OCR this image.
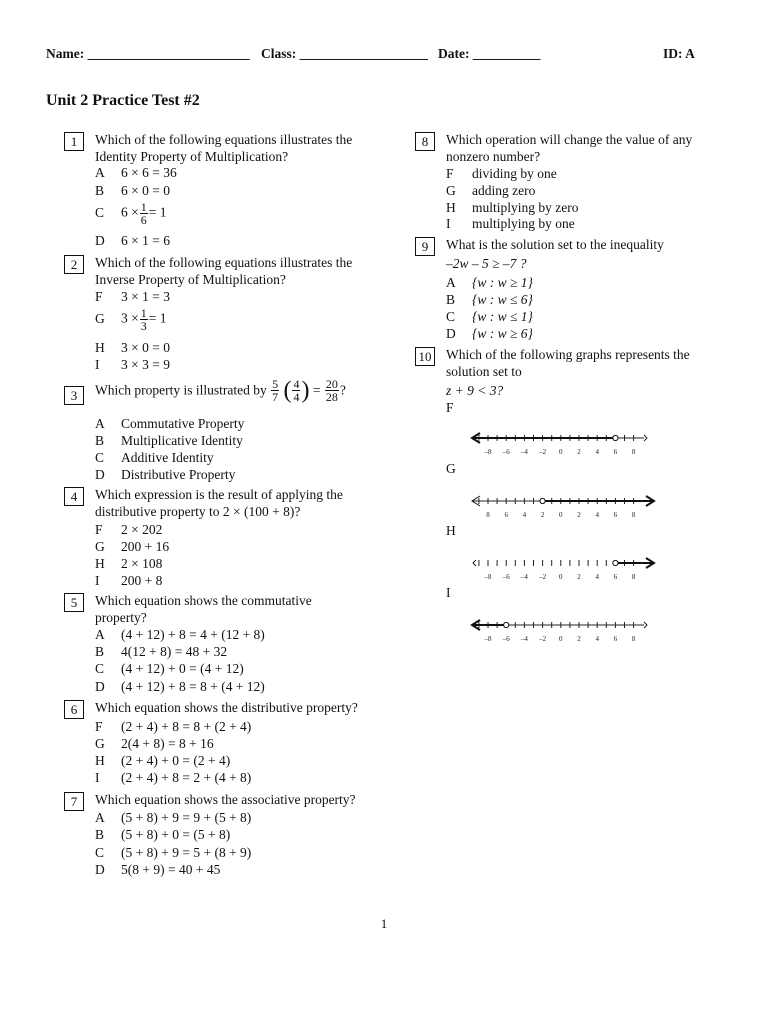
Name: ________________________ Class: ___________________ Date: __________	ID: A
Unit 2 Practice Test #2
1	Which of the following equations illustrates the Identity Property of Multiplication?
A 6 × 6 = 36
B 6 × 0 = 0
C $6 \times \frac{1}{6} = 1$
D 6 × 1 = 6
2	Which of the following equations illustrates the Inverse Property of Multiplication?
F 3 × 1 = 3
G $3 \times \frac{1}{3} = 1$
H 3 × 0 = 0
I 3 × 3 = 9
3	Which property is illustrated by $\frac{5}{7}$ ( $\frac{4}{4}$ ) = $\frac{20}{28}$ ?
A Commutative Property
B Multiplicative Identity
C Additive Identity
D Distributive Property
4	Which expression is the result of applying the distributive property to 2 × (100 + 8)?
F 2 × 202
G 200 + 16
H 2 × 108
I 200 + 8
5	Which equation shows the commutative property?
A (4 + 12) + 8 = 4 + (12 + 8)
B 4(12 + 8) = 48 + 32
C (4 + 12) + 0 = (4 + 12)
D (4 + 12) + 8 = 8 + (4 + 12)
6	Which equation shows the distributive property?
F (2 + 4) + 8 = 8 + (2 + 4)
G 2(4 + 8) = 8 + 16
H (2 + 4) + 0 = (2 + 4)
I (2 + 4) + 8 = 2 + (4 + 8)
7	Which equation shows the associative property?
A (5 + 8) + 9 = 9 + (5 + 8)
B (5 + 8) + 0 = (5 + 8)
C (5 + 8) + 9 = 5 + (8 + 9)
D 5(8 + 9) = 40 + 45
8	Which operation will change the value of any nonzero number?
F dividing by one
G adding zero
H multiplying by zero
I multiplying by one
9	What is the solution set to the inequality
–2w – 5 ≥ –7 ?
A {w : w ≥ 1}
B {w : w ≤ 6}
C {w : w ≤ 1}
D {w : w ≥ 6}
10 Which of the following graphs represents the solution set to
z + 9 < 3?
F
G
H
I
–8 –6 –4 –2 0 2 4 6 8
8 6 4 2 0 2 4 6 8
–8 –6 –4 –2 0 2 4 6 8
–8 –6 –4 –2 0 2 4 6 8
1
